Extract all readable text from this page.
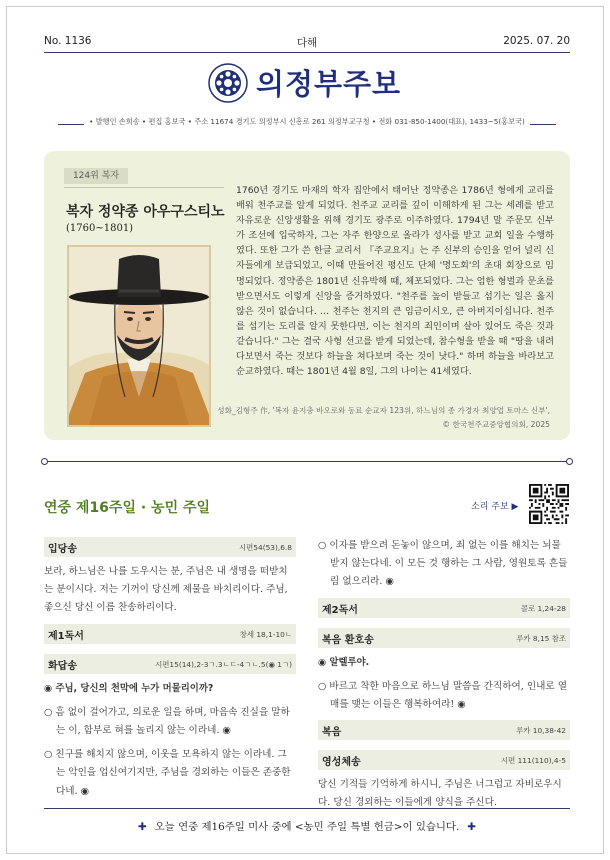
No. 1136	다해	2025. 07. 20
의정부주보
• 발행인 손희송 • 편집 홍보국 • 주소 11674 경기도 의정부시 신흥로 261 의정부교구청 • 전화 031-850-1400(대표), 1433~5(홍보국)
124위 복자
복자 정약종 아우구스티노
(1760~1801)
1760년 경기도 마재의 학자 집안에서 태어난 정약종은 1786년 형에게 교리를 배워 천주교를 알게 되었다. 천주교 교리를 깊이 이해하게 된 그는 세례를 받고 자유로운 신앙생활을 위해 경기도 광주로 이주하였다. 1794년 말 주문모 신부가 조선에 입국하자, 그는 자주 한양으로 올라가 성사를 받고 교회 일을 수행하였다. 또한 그가 쓴 한글 교리서 『주교요지』는 주 신부의 승인을 얻어 널리 신자들에게 보급되었고, 이때 만들어진 평신도 단체 '명도회'의 초대 회장으로 임명되었다. 정약종은 1801년 신유박해 때, 체포되었다. 그는 엄한 형벌과 문초를 받으면서도 이렇게 신앙을 증거하였다. "천주를 높이 받들고 섬기는 일은 옳지 않은 것이 없습니다. … 천주는 천지의 큰 임금이시오, 큰 아버지이십니다. 천주를 섬기는 도리를 알지 못한다면, 이는 천지의 죄인이며 살아 있어도 죽은 것과 같습니다." 그는 결국 사형 선고를 받게 되었는데, 참수형을 받을 때 "땅을 내려다보면서 죽는 것보다 하늘을 쳐다보며 죽는 것이 낫다." 하며 하늘을 바라보고 순교하였다. 때는 1801년 4월 8일, 그의 나이는 41세였다.
성화_김형주 作, '복자 윤지충 바오로와 동료 순교자 123위, 하느님의 종 가경자 최양업 토마스 신부',
© 한국천주교중앙협의회, 2025
연중 제16주일 · 농민 주일	소리 주보 ▶
입당송	시편54(53),6.8
보라, 하느님은 나를 도우시는 분, 주님은 내 생명을 떠받치는 분이시다. 저는 기꺼이 당신께 제물을 바치리이다. 주님, 좋으신 당신 이름 찬송하리이다.
제1독서	창세 18,1-10ㄴ
화답송	시편15(14),2-3ㄱ.3ㄴㄷ-4ㄱㄴ.5(◉ 1ㄱ)
◉ 주님, 당신의 천막에 누가 머물리이까?
○ 흠 없이 걸어가고, 의로운 일을 하며, 마음속 진실을 말하는 이, 함부로 혀를 놀리지 않는 이라네. ◉
○ 친구를 해치지 않으며, 이웃을 모욕하지 않는 이라네. 그는 악인을 업신여기지만, 주님을 경외하는 이들은 존중한다네. ◉
○ 이자를 받으려 돈놓이 않으며, 죄 없는 이를 해치는 뇌물 받지 않는다네. 이 모든 것 행하는 그 사람, 영원토록 흔들림 없으리라. ◉
제2독서	콜로 1,24-28
복음 환호송	루카 8,15 참조
◉ 알렐루야.
○ 바르고 착한 마음으로 하느님 말씀을 간직하여, 인내로 열매를 맺는 이들은 행복하여라! ◉
복음	루카 10,38-42
영성체송	시편 111(110),4-5
당신 기적들 기억하게 하시니, 주님은 너그럽고 자비로우시다. 당신 경외하는 이들에게 양식을 주신다.
✚ 오늘 연중 제16주일 미사 중에 <농민 주일 특별 헌금>이 있습니다. ✚
